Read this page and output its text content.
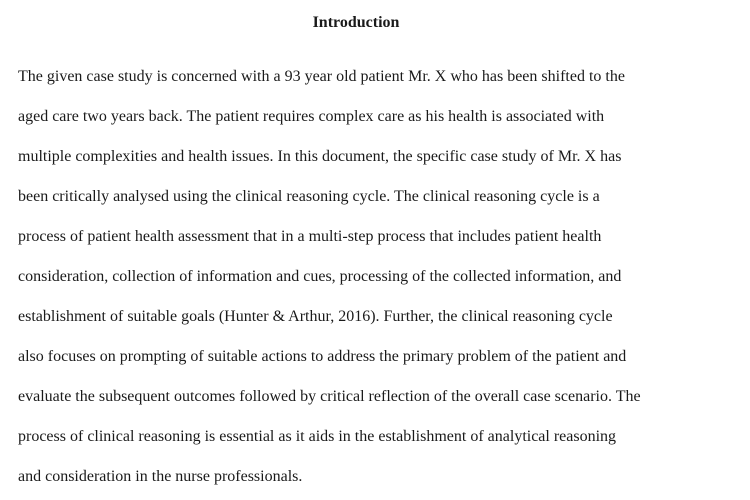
Introduction
The given case study is concerned with a 93 year old patient Mr. X who has been shifted to the
aged care two years back. The patient requires complex care as his health is associated with
multiple complexities and health issues. In this document, the specific case study of Mr. X has
been critically analysed using the clinical reasoning cycle. The clinical reasoning cycle is a
process of patient health assessment that in a multi-step process that includes patient health
consideration, collection of information and cues, processing of the collected information, and
establishment of suitable goals (Hunter & Arthur, 2016). Further, the clinical reasoning cycle
also focuses on prompting of suitable actions to address the primary problem of the patient and
evaluate the subsequent outcomes followed by critical reflection of the overall case scenario. The
process of clinical reasoning is essential as it aids in the establishment of analytical reasoning
and consideration in the nurse professionals.
